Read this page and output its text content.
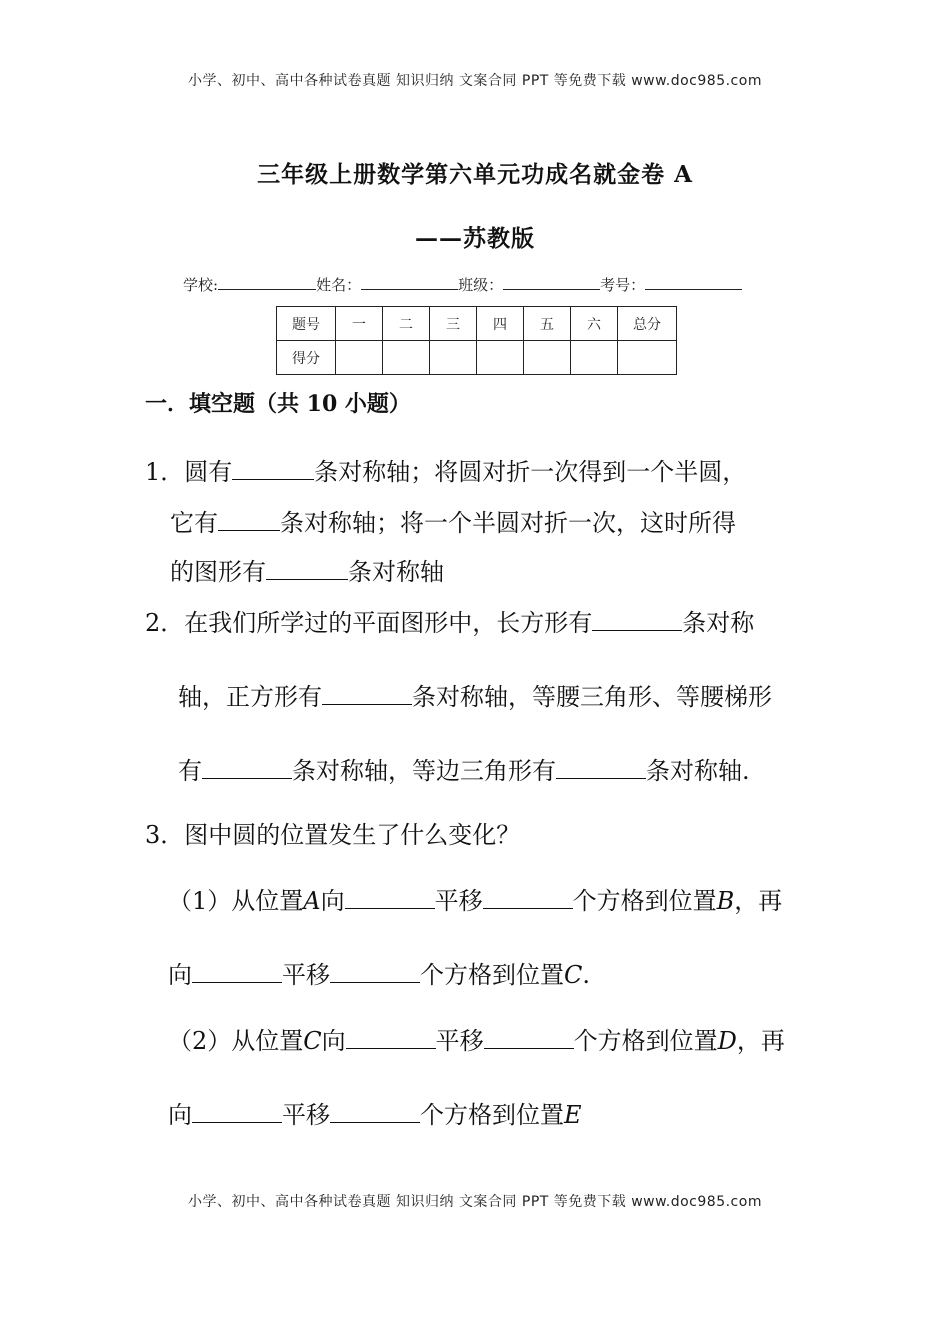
小学、初中、高中各种试卷真题 知识归纳 文案合同 PPT 等免费下载 www.doc985.com
三年级上册数学第六单元功成名就金卷 A
——苏教版
学校:	姓名：	班级：	考号：
题号	一	二	三	四	五	六	总分
得分							
一．填空题（共 10 小题）
1．圆有	条对称轴；将圆对折一次得到一个半圆，
它有	条对称轴；将一个半圆对折一次，这时所得
的图形有	条对称轴
2．在我们所学过的平面图形中，长方形有	条对称
轴，正方形有	条对称轴，等腰三角形、等腰梯形
有	条对称轴，等边三角形有	条对称轴.
3．图中圆的位置发生了什么变化？
（1）从位置A向	平移	个方格到位置B，再
向	平移	个方格到位置C.
（2）从位置C向	平移	个方格到位置D，再
向	平移	个方格到位置E
小学、初中、高中各种试卷真题 知识归纳 文案合同 PPT 等免费下载 www.doc985.com
